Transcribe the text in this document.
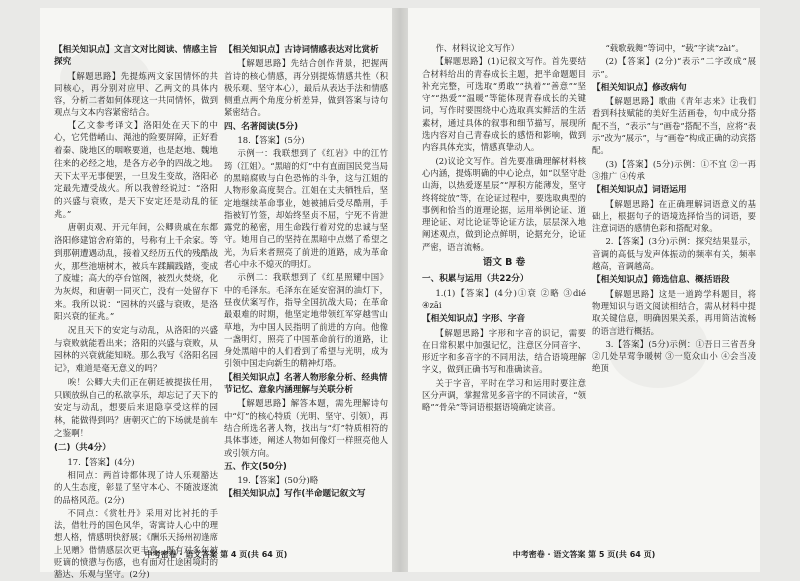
【相关知识点】文言文对比阅读、情感主旨探究

【解题思路】先提炼两文家国情怀的共同核心，再分别对应甲、乙两文的具体内容，分析二者如何体现这一共同情怀，做到观点与文本内容紧密结合。

【乙文参考译文】洛阳处在天下的中心，它凭借崤山、渑池的险要屏障，正好看着秦、陇地区的咽喉要道，也是赵地、魏地往来的必经之地，是各方必争的四战之地。天下太平无事便罢，一旦发生变故，洛阳必定最先遭受战火。所以我曾经说过：“洛阳的兴盛与衰败，是天下安定还是动乱的征兆。”

唐朝贞观、开元年间，公卿贵戚在东都洛阳修建馆舍府第的，号称有上千余家。等到那朝遭遇动乱，接着又经历五代的残酷战火，那些池塘树木，被兵车蹂躏践踏，变成了废墟；高大的亭台馆阁，被烈火焚烧，化为灰烬，和唐朝一同灭亡，没有一处留存下来。我所以说：“园林的兴盛与衰败，是洛阳兴衰的征兆。”

况且天下的安定与动乱，从洛阳的兴盛与衰败就能看出来；洛阳的兴盛与衰败，从园林的兴衰就能知晓。那么我写《洛阳名园记》，难道是毫无意义的吗？

唉！公卿大夫们正在朝廷被提拔任用，只顾放纵自己的私欲享乐，却忘记了天下的安定与动乱，想要后来退隐享受这样的园林，能做得到吗？唐朝灭亡的下场就是前车之鉴啊！

(二)（共4分）

17.【答案】(4分)

相同点：两首诗都体现了诗人乐观豁达的人生态度，彰显了坚守本心、不随波逐流的品格风范。(2分)

不同点：《赏牡丹》采用对比衬托的手法，借牡丹的国色风华，寄寓诗人心中的理想人格，情感明快舒展；《酬乐天扬州初逢席上见赠》借情感层次更丰富，既有对多年被贬谪的愤懑与伤感，也有面对仕途困境时的豁达、乐观与坚守。(2分)

【相关知识点】古诗词情感表达对比赏析

【解题思路】先结合创作背景，把握两首诗的核心情感，再分别提炼情感共性（积极乐观、坚守本心），最后从表达手法和情感侧重点两个角度分析差异，做到答案与诗句紧密结合。

四、名著阅读(5分)

18.【答案】(5分)

示例一：我联想到了《红岩》中的江竹筠（江姐）。“黑暗的灯”中有直面国民党当局的黑暗腐败与白色恐怖的斗争，这与江姐的人物形象高度契合。江姐在丈夫牺牲后，坚定地继续革命事业，她被捕后受尽酷刑，手指被钉竹签，却始终坚贞不屈，宁死不肯泄露党的秘密，用生命践行着对党的忠诚与坚守。她用自己的坚持在黑暗中点燃了希望之光，为后来者照亮了前进的道路，成为革命者心中永不熄灭的明灯。

示例二：我联想到了《红星照耀中国》中的毛泽东。毛泽东在延安窑洞的油灯下，昼夜伏案写作，指导全国抗战大局；在革命最艰难的时期，他坚定地带领红军穿越雪山草地，为中国人民指明了前进的方向。他像一盏明灯，照亮了中国革命前行的道路，让身处黑暗中的人们看到了希望与光明，成为引领中国走向新生的精神灯塔。

【相关知识点】名著人物形象分析、经典情节记忆、意象内涵理解与关联分析

【解题思路】解答本题，需先理解诗句中“灯”的核心特质（光明、坚守、引领），再结合所选名著人物，找出与“灯”特质相符的具体事迹，阐述人物如何像灯一样照亮他人或引领方向。

五、作文(50分)

19.【答案】(50分)略

【相关知识点】写作(半命题记叙文写
中考密卷 · 语文答案 第 4 页(共 64 页)

作、材料议论文写作）

【解题思路】(1)记叙文写作。首先要结合材料给出的青春成长主题，把半命题题目补充完整，可选取“勇敢”“执着”“善意”“坚守”“热爱”“温暖”等能体现青春成长的关键词，写作时要围绕中心选取真实鲜活的生活素材，通过具体的叙事和细节描写，展现所选内容对自己青春成长的感悟和影响，做到内容具体充实，情感真挚动人。

(2)议论文写作。首先要准确理解材料核心内涵，提炼明确的中心论点，如“以坚守赴山海，以热爱逐星辰”“厚积方能薄发，坚守终将绽放”等，在论证过程中，要选取典型的事例和恰当的道理论据，运用举例论证、道理论证、对比论证等论证方法，层层深入地阐述观点，做到论点鲜明，论据充分，论证严密，语言流畅。

语文 B 卷

一、积累与运用（共22分）

1.(1)【答案】(4分)①衰 ②略 ③dié ④zāi

【相关知识点】字形、字音

【解题思路】字形和字音的识记，需要在日常积累中加强记忆，注意区分同音字、形近字和多音字的不同用法，结合语境理解字义，做到正确书写和准确读音。

关于字音，平时在学习和运用时要注意区分声调，掌握常见多音字的不同读音，“领略”“骨朵”等词语根据语境确定读音。

“载歌载舞”等词中，“载”字读“zài”。

(2)【答案】(2分)“表示”二字改成“展示”。

【相关知识点】修改病句

【解题思路】歌曲《青年志来》让我们看到科技赋能的美好生活画卷，句中成分搭配不当，“表示”与“画卷”搭配不当，应将“表示”改为“展示”，与“画卷”构成正确的动宾搭配。

(3)【答案】(5分)示例：①不宜 ②一再 ③推广 ④传承

【相关知识点】词语运用

【解题思路】在正确理解词语意义的基础上，根据句子的语境选择恰当的词语，要注意词语的感情色彩和搭配对象。

2.【答案】(3分)示例：探究结果显示，音调的高低与发声体振动的频率有关，频率越高，音调越高。

【相关知识点】筛选信息、概括语段

【解题思路】这是一道跨学科题目，将物理知识与语文阅读相结合，需从材料中提取关键信息，明确因果关系，再用简洁流畅的语言进行概括。

3.【答案】(5分)示例：①吾日三省吾身 ②几处早莺争暖树 ③一览众山小 ④会当凌绝顶

中考密卷 · 语文答案 第 5 页(共 64 页)
